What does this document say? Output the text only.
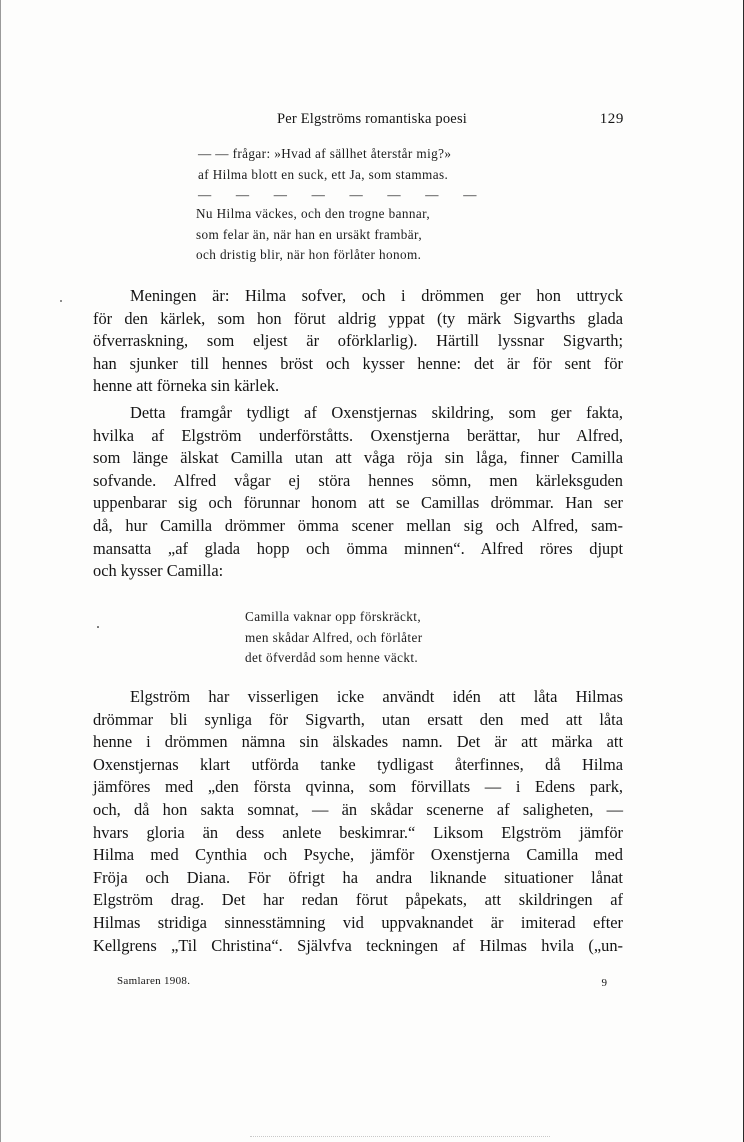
Per Elgströms romantiska poesi	129
— — frågar: »Hvad af sällhet återstår mig?»
af Hilma blott en suck, ett Ja, som stammas.
— — — — — — — —
Nu Hilma väckes, och den trogne bannar,
som felar än, när han en ursäkt frambär,
och dristig blir, när hon förlåter honom.
Meningen är: Hilma sofver, och i drömmen ger hon uttryck
för den kärlek, som hon förut aldrig yppat (ty märk Sigvarths glada
öfverraskning, som eljest är oförklarlig). Härtill lyssnar Sigvarth;
han sjunker till hennes bröst och kysser henne: det är för sent för
henne att förneka sin kärlek.
Detta framgår tydligt af Oxenstjernas skildring, som ger fakta,
hvilka af Elgström underförståtts. Oxenstjerna berättar, hur Alfred,
som länge älskat Camilla utan att våga röja sin låga, finner Camilla
sofvande. Alfred vågar ej störa hennes sömn, men kärleksguden
uppenbarar sig och förunnar honom att se Camillas drömmar. Han ser
då, hur Camilla drömmer ömma scener mellan sig och Alfred, sam-
mansatta „af glada hopp och ömma minnen“. Alfred röres djupt
och kysser Camilla:
Camilla vaknar opp förskräckt,
men skådar Alfred, och förlåter
det öfverdåd som henne väckt.
Elgström har visserligen icke användt idén att låta Hilmas
drömmar bli synliga för Sigvarth, utan ersatt den med att låta
henne i drömmen nämna sin älskades namn. Det är att märka att
Oxenstjernas klart utförda tanke tydligast återfinnes, då Hilma
jämföres med „den första qvinna, som förvillats — i Edens park,
och, då hon sakta somnat, — än skådar scenerne af saligheten, —
hvars gloria än dess anlete beskimrar.“ Liksom Elgström jämför
Hilma med Cynthia och Psyche, jämför Oxenstjerna Camilla med
Fröja och Diana. För öfrigt ha andra liknande situationer lånat
Elgström drag. Det har redan förut påpekats, att skildringen af
Hilmas stridiga sinnesstämning vid uppvaknandet är imiterad efter
Kellgrens „Til Christina“. Självfva teckningen af Hilmas hvila („un-
Samlaren 1908.	9
